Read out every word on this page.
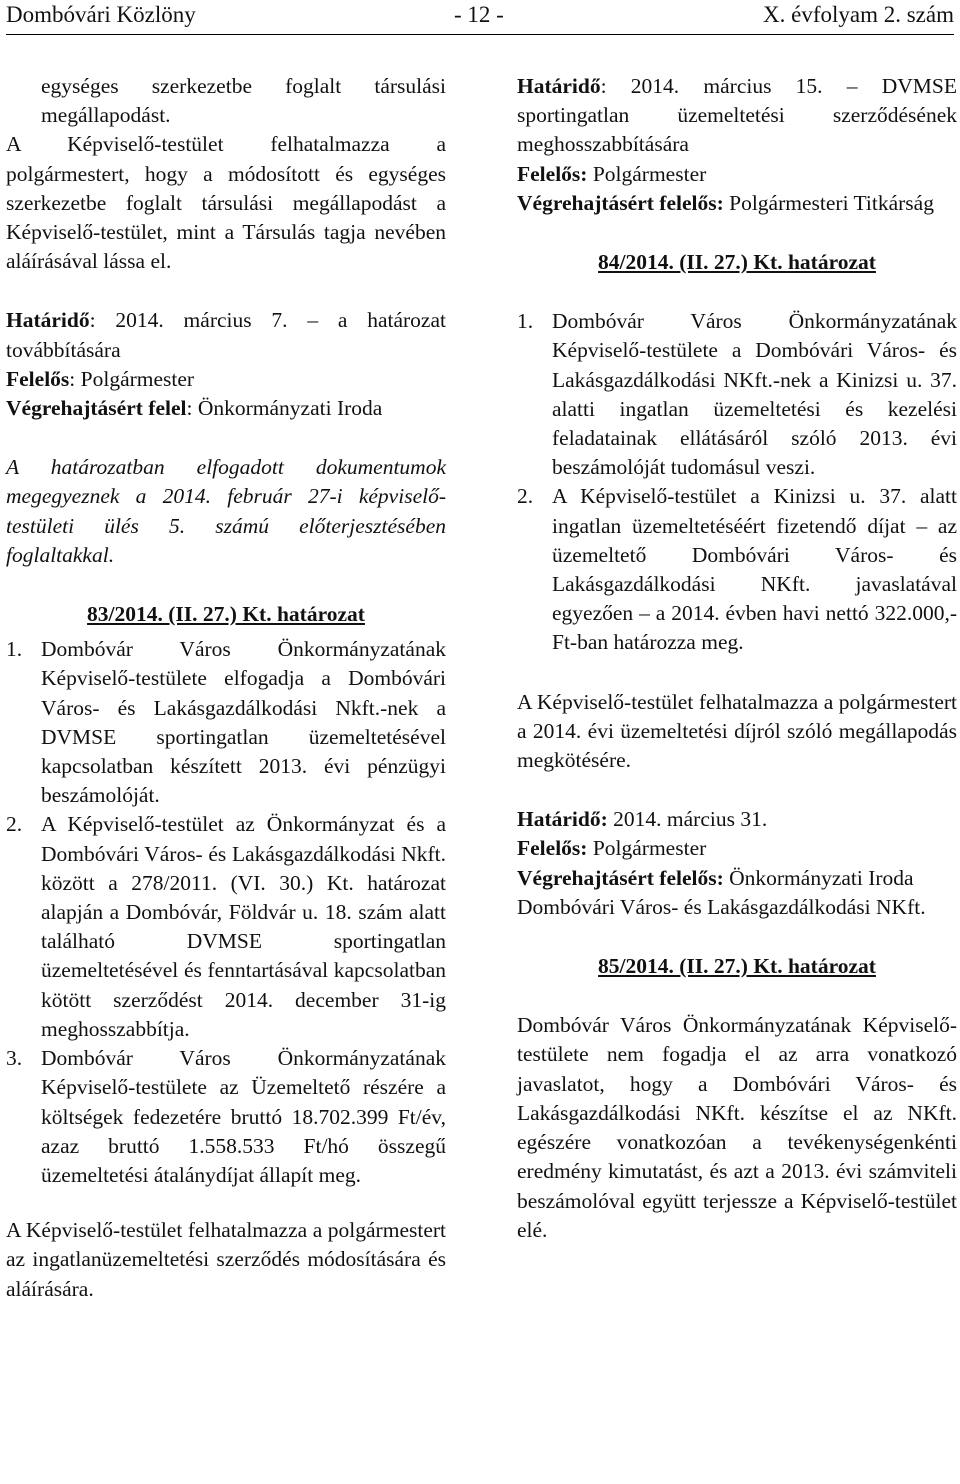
Dombóvári Közlöny	- 12 -	X. évfolyam 2. szám

egységes szerkezetbe foglalt társulási

megállapodást.

A Képviselő-testület felhatalmazza a polgármestert, hogy a módosított és egységes szerkezetbe foglalt társulási megállapodást a Képviselő-testület, mint a Társulás tagja nevében aláírásával lássa el.

Határidő: 2014. március 7. – a határozat továbbítására

Felelős: Polgármester

Végrehajtásért felel: Önkormányzati Iroda

A határozatban elfogadott dokumentumok megegyeznek a 2014. február 27-i képviselő-testületi ülés 5. számú előterjesztésében foglaltakkal.

83/2014. (II. 27.) Kt. határozat

1. Dombóvár Város Önkormányzatának Képviselő-testülete elfogadja a Dombóvári Város- és Lakásgazdálkodási Nkft.-nek a DVMSE sportingatlan üzemeltetésével kapcsolatban készített 2013. évi pénzügyi beszámolóját.
2. A Képviselő-testület az Önkormányzat és a Dombóvári Város- és Lakásgazdálkodási Nkft. között a 278/2011. (VI. 30.) Kt. határozat alapján a Dombóvár, Földvár u. 18. szám alatt található DVMSE sportingatlan üzemeltetésével és fenntartásával kapcsolatban kötött szerződést 2014. december 31-ig meghosszabbítja.
3. Dombóvár Város Önkormányzatának Képviselő-testülete az Üzemeltető részére a költségek fedezetére bruttó 18.702.399 Ft/év, azaz bruttó 1.558.533 Ft/hó összegű üzemeltetési átalánydíjat állapít meg.

A Képviselő-testület felhatalmazza a polgármestert az ingatlanüzemeltetési szerződés módosítására és aláírására.

Határidő: 2014. március 15. – DVMSE sportingatlan üzemeltetési szerződésének meghosszabbítására

Felelős: Polgármester

Végrehajtásért felelős: Polgármesteri Titkárság

84/2014. (II. 27.) Kt. határozat

1. Dombóvár Város Önkormányzatának Képviselő-testülete a Dombóvári Város- és Lakásgazdálkodási NKft.-nek a Kinizsi u. 37. alatti ingatlan üzemeltetési és kezelési feladatainak ellátásáról szóló 2013. évi beszámolóját tudomásul veszi.
2. A Képviselő-testület a Kinizsi u. 37. alatt ingatlan üzemeltetéséért fizetendő díjat – az üzemeltető Dombóvári Város- és Lakásgazdálkodási NKft. javaslatával egyezően – a 2014. évben havi nettó 322.000,-Ft-ban határozza meg.

A Képviselő-testület felhatalmazza a polgármestert a 2014. évi üzemeltetési díjról szóló megállapodás megkötésére.

Határidő: 2014. március 31.

Felelős: Polgármester

Végrehajtásért felelős: Önkormányzati Iroda

Dombóvári Város- és Lakásgazdálkodási NKft.

85/2014. (II. 27.) Kt. határozat

Dombóvár Város Önkormányzatának Képviselő-testülete nem fogadja el az arra vonatkozó javaslatot, hogy a Dombóvári Város- és Lakásgazdálkodási NKft. készítse el az NKft. egészére vonatkozóan a tevékenységenkénti eredmény kimutatást, és azt a 2013. évi számviteli beszámolóval együtt terjessze a Képviselő-testület elé.
